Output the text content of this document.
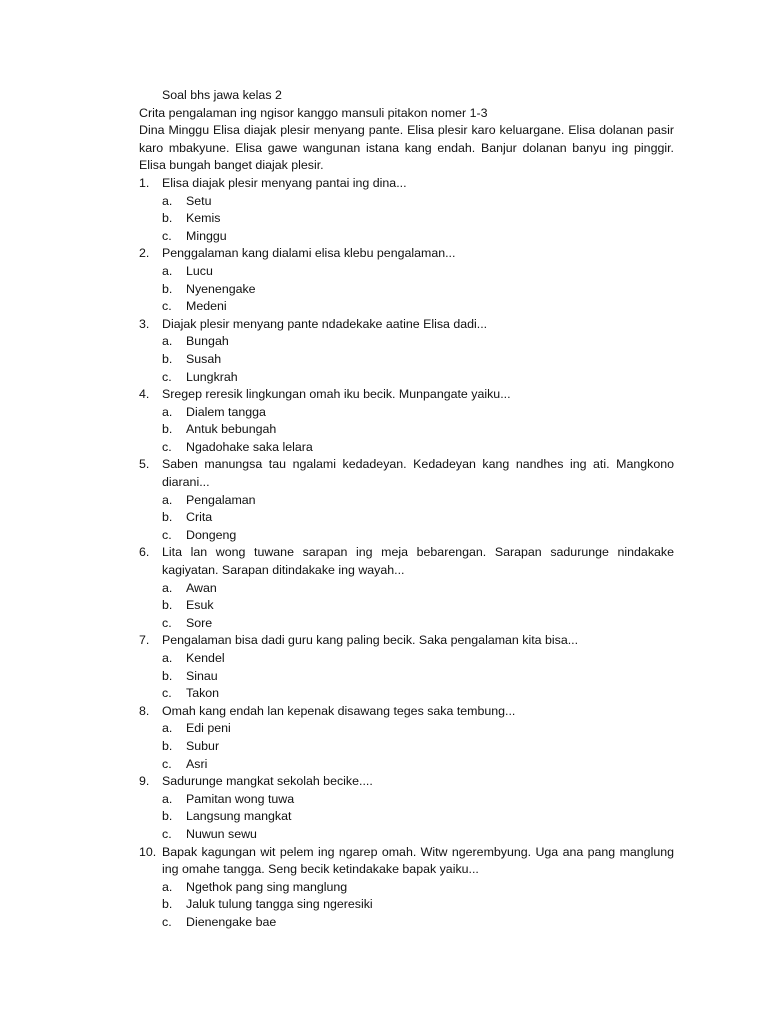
Soal bhs jawa kelas 2
Crita pengalaman ing ngisor kanggo mansuli pitakon nomer 1-3
Dina Minggu Elisa diajak plesir menyang pante. Elisa plesir karo keluargane. Elisa dolanan pasir karo mbakyune. Elisa gawe wangunan istana kang endah. Banjur dolanan banyu ing pinggir. Elisa bungah banget diajak plesir.
1. Elisa diajak plesir menyang pantai ing dina...
a. Setu
b. Kemis
c. Minggu
2. Penggalaman kang dialami elisa klebu pengalaman...
a. Lucu
b. Nyenengake
c. Medeni
3. Diajak plesir menyang pante ndadekake aatine Elisa dadi...
a. Bungah
b. Susah
c. Lungkrah
4. Sregep reresik lingkungan omah iku becik. Munpangate yaiku...
a. Dialem tangga
b. Antuk bebungah
c. Ngadohake saka lelara
5. Saben manungsa tau ngalami kedadeyan. Kedadeyan kang nandhes ing ati. Mangkono diarani...
a. Pengalaman
b. Crita
c. Dongeng
6. Lita lan wong tuwane sarapan ing meja bebarengan. Sarapan sadurunge nindakake kagiyatan. Sarapan ditindakake ing wayah...
a. Awan
b. Esuk
c. Sore
7. Pengalaman bisa dadi guru kang paling becik. Saka pengalaman kita bisa...
a. Kendel
b. Sinau
c. Takon
8. Omah kang endah lan kepenak disawang teges saka tembung...
a. Edi peni
b. Subur
c. Asri
9. Sadurunge mangkat sekolah becike....
a. Pamitan wong tuwa
b. Langsung mangkat
c. Nuwun sewu
10. Bapak kagungan wit pelem ing ngarep omah. Witw ngerembyung. Uga ana pang manglung ing omahe tangga. Seng becik ketindakake bapak yaiku...
a. Ngethok pang sing manglung
b. Jaluk tulung tangga sing ngeresiki
c. Dienengake bae
